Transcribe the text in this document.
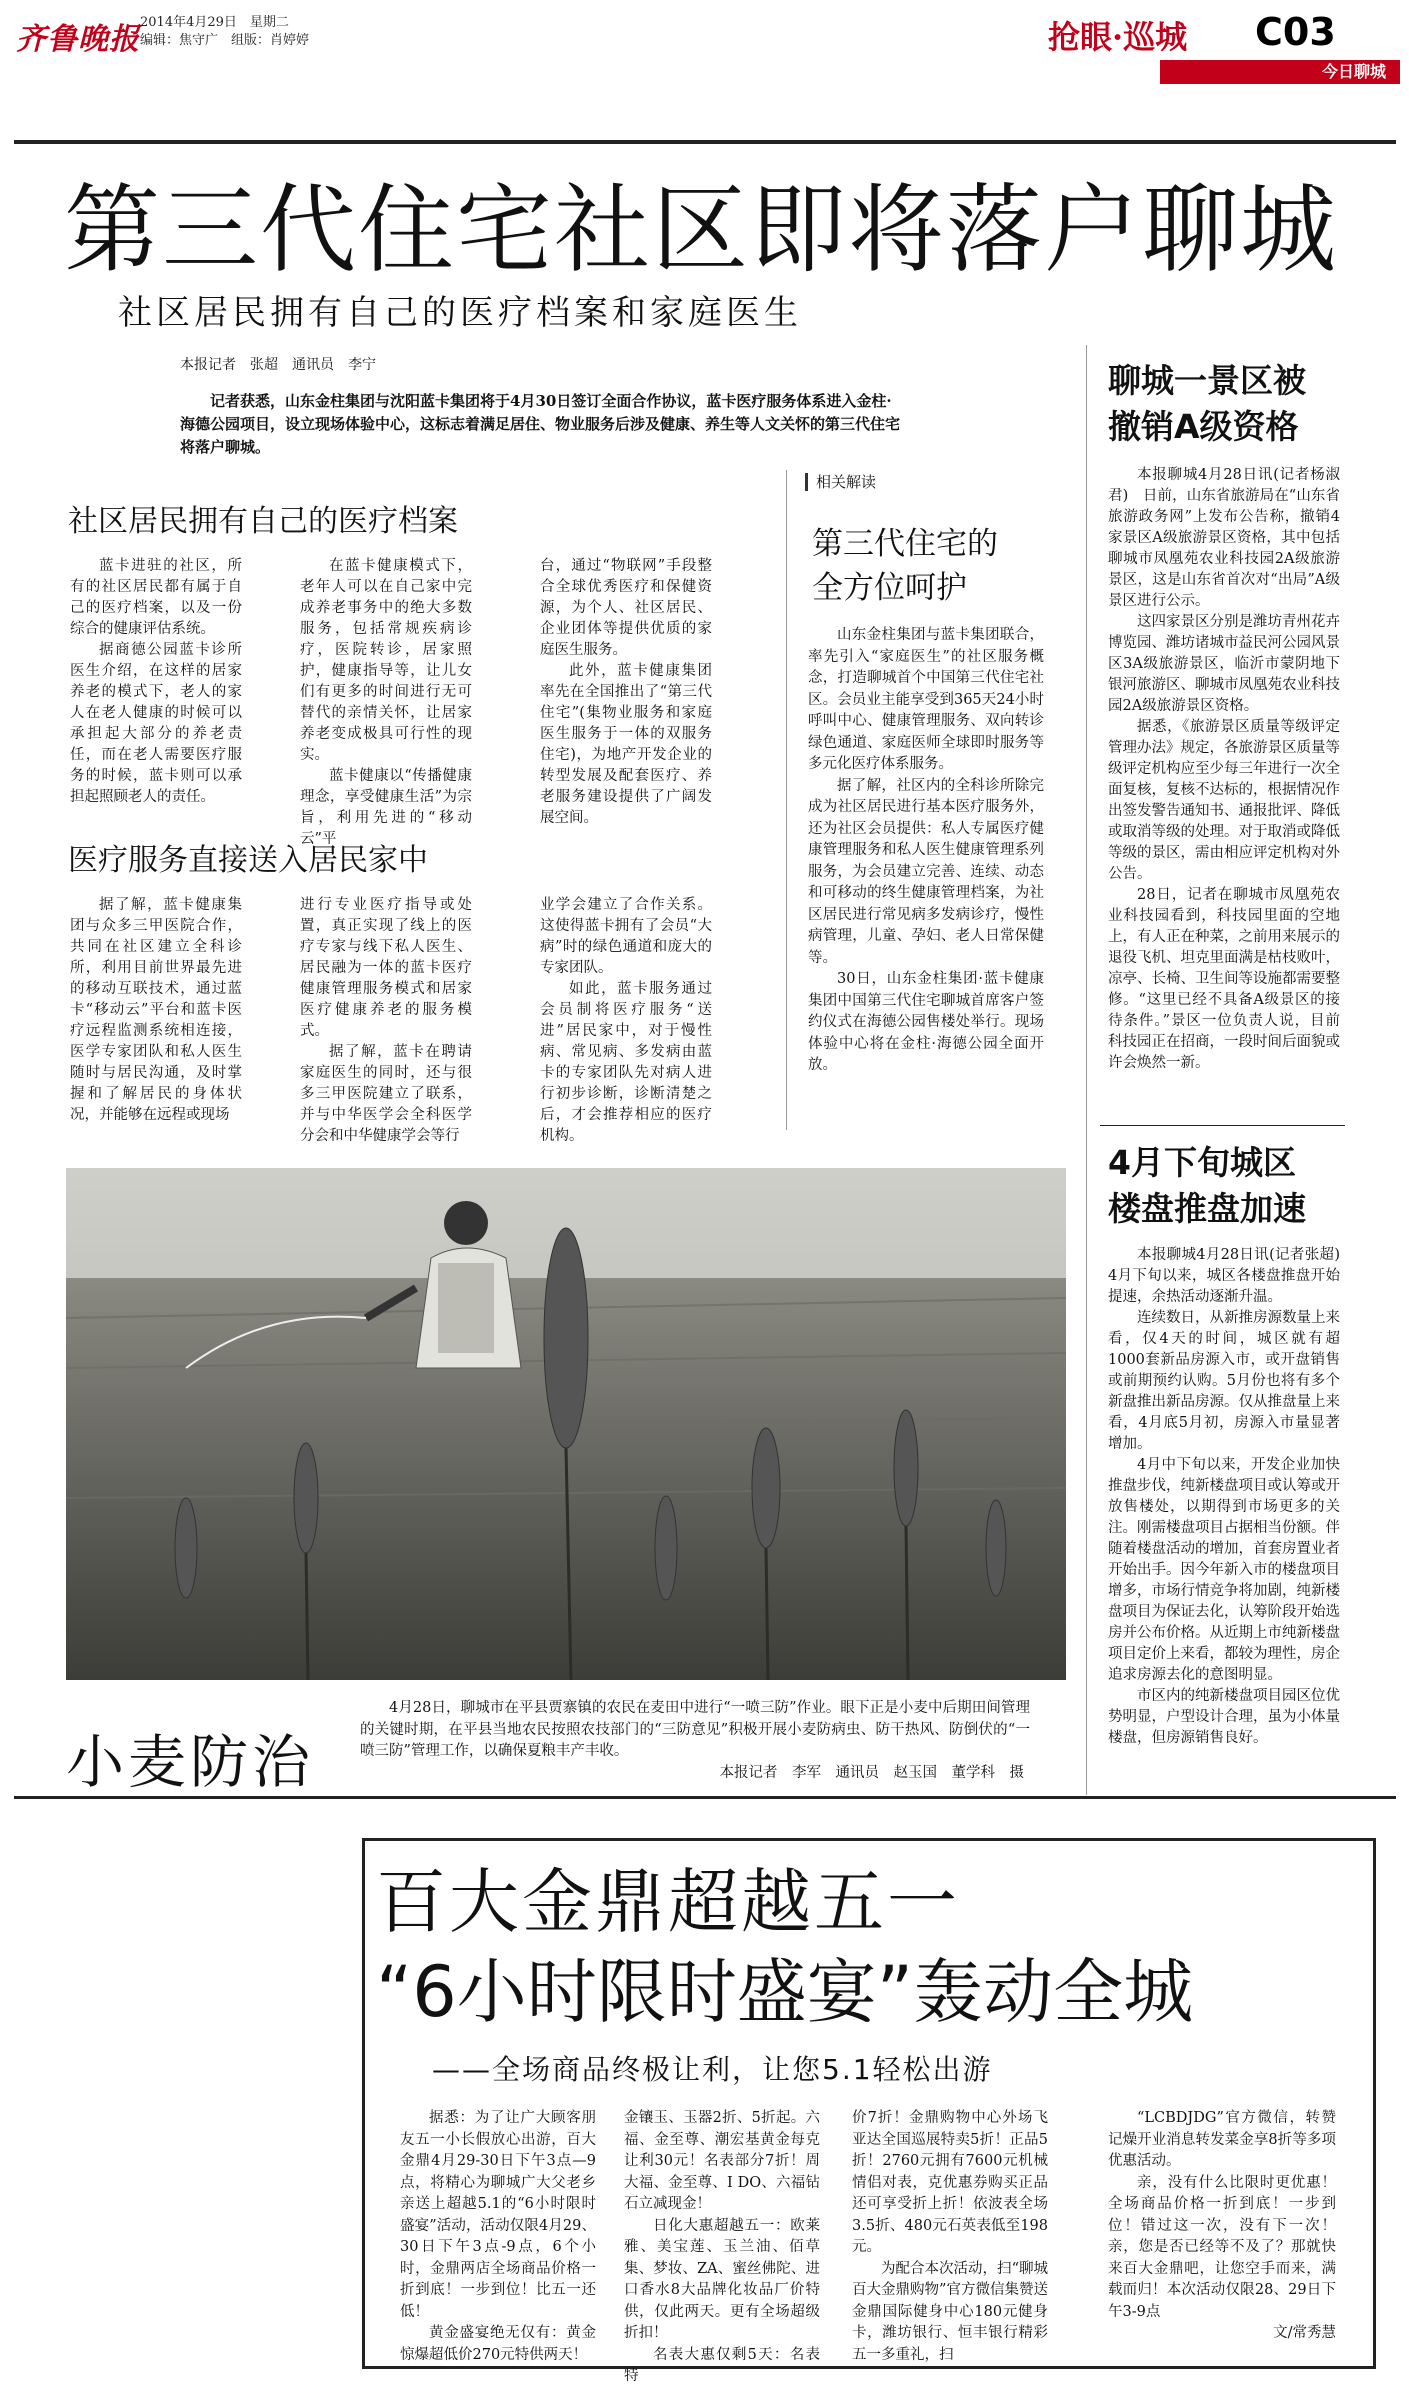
齐鲁晚报 2014年4月29日　星期二
编辑：焦守广　组版：肖婷婷	抢眼·巡城 C03
今日聊城
第三代住宅社区即将落户聊城
社区居民拥有自己的医疗档案和家庭医生
本报记者　张超　通讯员　李宁

记者获悉，山东金柱集团与沈阳蓝卡集团将于4月30日签订全面合作协议，蓝卡医疗服务体系进入金柱·海德公园项目，设立现场体验中心，这标志着满足居住、物业服务后涉及健康、养生等人文关怀的第三代住宅将落户聊城。

社区居民拥有自己的医疗档案

蓝卡进驻的社区，所有的社区居民都有属于自己的医疗档案，以及一份综合的健康评估系统。

据商德公园蓝卡诊所医生介绍，在这样的居家养老的模式下，老人的家人在老人健康的时候可以承担起大部分的养老责任，而在老人需要医疗服务的时候，蓝卡则可以承担起照顾老人的责任。

在蓝卡健康模式下，老年人可以在自己家中完成养老事务中的绝大多数服务，包括常规疾病诊疗，医院转诊，居家照护，健康指导等，让儿女们有更多的时间进行无可替代的亲情关怀，让居家养老变成极具可行性的现实。

蓝卡健康以“传播健康理念，享受健康生活”为宗旨，利用先进的“移动云”平

台，通过“物联网”手段整合全球优秀医疗和保健资源，为个人、社区居民、企业团体等提供优质的家庭医生服务。

此外，蓝卡健康集团率先在全国推出了“第三代住宅”(集物业服务和家庭医生服务于一体的双服务住宅)，为地产开发企业的转型发展及配套医疗、养老服务建设提供了广阔发展空间。

医疗服务直接送入居民家中

据了解，蓝卡健康集团与众多三甲医院合作，共同在社区建立全科诊所，利用目前世界最先进的移动互联技术，通过蓝卡“移动云”平台和蓝卡医疗远程监测系统相连接，医学专家团队和私人医生随时与居民沟通，及时掌握和了解居民的身体状况，并能够在远程或现场

进行专业医疗指导或处置，真正实现了线上的医疗专家与线下私人医生、居民融为一体的蓝卡医疗健康管理服务模式和居家医疗健康养老的服务模式。

据了解，蓝卡在聘请家庭医生的同时，还与很多三甲医院建立了联系，并与中华医学会全科医学分会和中华健康学会等行

业学会建立了合作关系。这使得蓝卡拥有了会员“大病”时的绿色通道和庞大的专家团队。

如此，蓝卡服务通过会员制将医疗服务“送进”居民家中，对于慢性病、常见病、多发病由蓝卡的专家团队先对病人进行初步诊断，诊断清楚之后，才会推荐相应的医疗机构。

相关解读
第三代住宅的
全方位呵护

山东金柱集团与蓝卡集团联合，率先引入“家庭医生”的社区服务概念，打造聊城首个中国第三代住宅社区。会员业主能享受到365天24小时呼叫中心、健康管理服务、双向转诊绿色通道、家庭医师全球即时服务等多元化医疗体系服务。

据了解，社区内的全科诊所除完成为社区居民进行基本医疗服务外，还为社区会员提供：私人专属医疗健康管理服务和私人医生健康管理系列服务，为会员建立完善、连续、动态和可移动的终生健康管理档案，为社区居民进行常见病多发病诊疗，慢性病管理，儿童、孕妇、老人日常保健等。

30日，山东金柱集团·蓝卡健康集团中国第三代住宅聊城首席客户签约仪式在海德公园售楼处举行。现场体验中心将在金柱·海德公园全面开放。

聊城一景区被
撤销A级资格

本报聊城4月28日讯(记者杨淑君)　日前，山东省旅游局在“山东省旅游政务网”上发布公告称，撤销4家景区A级旅游景区资格，其中包括聊城市凤凰苑农业科技园2A级旅游景区，这是山东省首次对“出局”A级景区进行公示。

这四家景区分别是潍坊青州花卉博览园、潍坊诸城市益民河公园风景区3A级旅游景区，临沂市蒙阴地下银河旅游区、聊城市凤凰苑农业科技园2A级旅游景区资格。

据悉，《旅游景区质量等级评定管理办法》规定，各旅游景区质量等级评定机构应至少每三年进行一次全面复核，复核不达标的，根据情况作出签发警告通知书、通报批评、降低或取消等级的处理。对于取消或降低等级的景区，需由相应评定机构对外公告。

28日，记者在聊城市凤凰苑农业科技园看到，科技园里面的空地上，有人正在种菜，之前用来展示的退役飞机、坦克里面满是枯枝败叶，凉亭、长椅、卫生间等设施都需要整修。“这里已经不具备A级景区的接待条件。”景区一位负责人说，目前科技园正在招商，一段时间后面貌或许会焕然一新。

4月下旬城区
楼盘推盘加速

本报聊城4月28日讯(记者张超)　4月下旬以来，城区各楼盘推盘开始提速，余热活动逐渐升温。

连续数日，从新推房源数量上来看，仅4天的时间，城区就有超1000套新品房源入市，或开盘销售或前期预约认购。5月份也将有多个新盘推出新品房源。仅从推盘量上来看，4月底5月初，房源入市量显著增加。

4月中下旬以来，开发企业加快推盘步伐，纯新楼盘项目或认筹或开放售楼处，以期得到市场更多的关注。刚需楼盘项目占据相当份额。伴随着楼盘活动的增加，首套房置业者开始出手。因今年新入市的楼盘项目增多，市场行情竞争将加剧，纯新楼盘项目为保证去化，认筹阶段开始选房并公布价格。从近期上市纯新楼盘项目定价上来看，都较为理性，房企追求房源去化的意图明显。

市区内的纯新楼盘项目园区位优势明显，户型设计合理，虽为小体量楼盘，但房源销售良好。

小麦防治

4月28日，聊城市在平县贾寨镇的农民在麦田中进行“一喷三防”作业。眼下正是小麦中后期田间管理的关键时期，在平县当地农民按照农技部门的“三防意见”积极开展小麦防病虫、防干热风、防倒伏的“一喷三防”管理工作，以确保夏粮丰产丰收。

本报记者　李军　通讯员　赵玉国　董学科　摄
百大金鼎超越五一
“6小时限时盛宴”轰动全城
——全场商品终极让利，让您5.1轻松出游

据悉：为了让广大顾客朋友五一小长假放心出游，百大金鼎4月29-30日下午3点—9点，将精心为聊城广大父老乡亲送上超越5.1的“6小时限时盛宴”活动，活动仅限4月29、30日下午3点-9点，6个小时，金鼎两店全场商品价格一折到底！一步到位！比五一还低！

黄金盛宴绝无仅有：黄金惊爆超低价270元特供两天！

金镶玉、玉器2折、5折起。六福、金至尊、潮宏基黄金每克让利30元！名表部分7折！周大福、金至尊、I DO、六福钻石立减现金！

日化大惠超越五一：欧莱雅、美宝莲、玉兰油、佰草集、梦妆、ZA、蜜丝佛陀、进口香水8大品牌化妆品厂价特供，仅此两天。更有全场超级折扣！

名表大惠仅剩5天：名表特

价7折！金鼎购物中心外场飞亚达全国巡展特卖5折！正品5折！2760元拥有7600元机械情侣对表，克优惠券购买正品还可享受折上折！依波表全场3.5折、480元石英表低至198元。

为配合本次活动，扫“聊城百大金鼎购物”官方微信集赞送金鼎国际健身中心180元健身卡，潍坊银行、恒丰银行精彩五一多重礼，扫

“LCBDJDG”官方微信，转赞记燥开业消息转发菜金享8折等多项优惠活动。

亲，没有什么比限时更优惠！全场商品价格一折到底！一步到位！错过这一次，没有下一次！亲，您是否已经等不及了？那就快来百大金鼎吧，让您空手而来，满载而归！本次活动仅限28、29日下午3-9点

文/常秀慧
